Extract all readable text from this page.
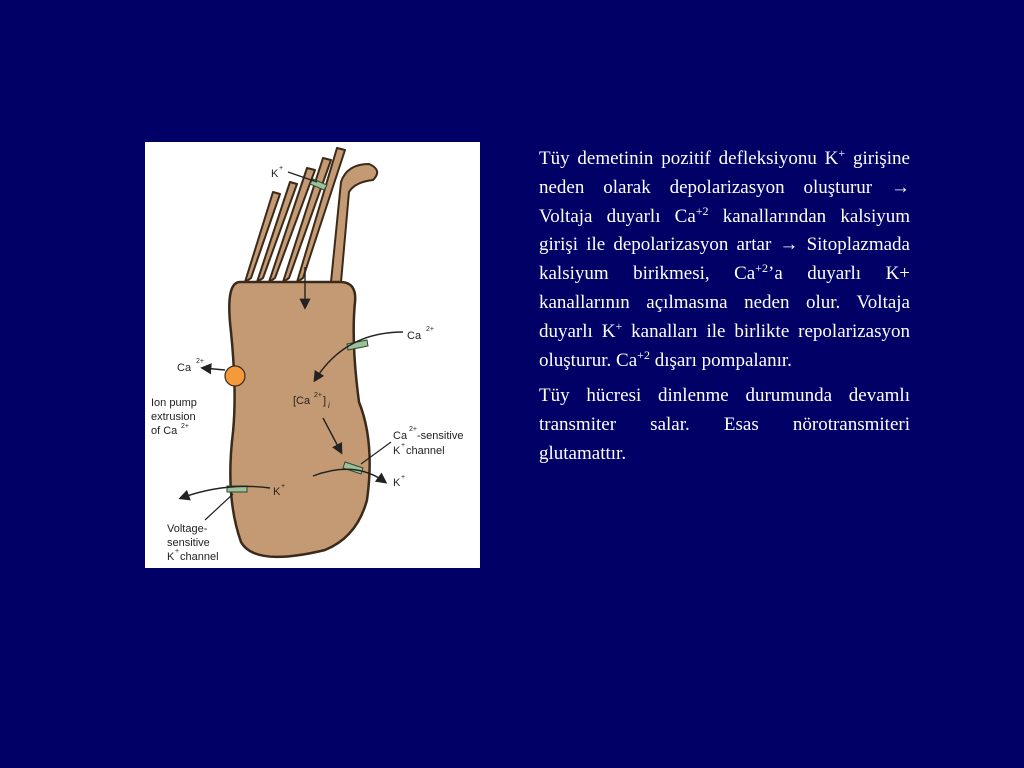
K +
Ca
2+
Ca
2+
Ion pump
extrusion
of Ca 2+
[Ca 2+ ] i
Ca
2+
-sensitive
K + channel
K +
K +
Voltage-
sensitive
K + channel

Tüy demetinin pozitif defleksiyonu K+ girişine neden olarak depolarizasyon oluşturur → Voltaja duyarlı $Ca^{+2}$ kanallarından kalsiyum girişi ile depolarizasyon artar → Sitoplazmada kalsiyum birikmesi, $Ca^{+2}’a$ duyarlı K+ kanallarının açılmasına neden olur. Voltaja duyarlı K+ kanalları ile birlikte repolarizasyon oluşturur. $Ca^{+2}$ dışarı pompalanır.

Tüy hücresi dinlenme durumunda devamlı transmiter salar. Esas nörotransmiteri glutamattır.
